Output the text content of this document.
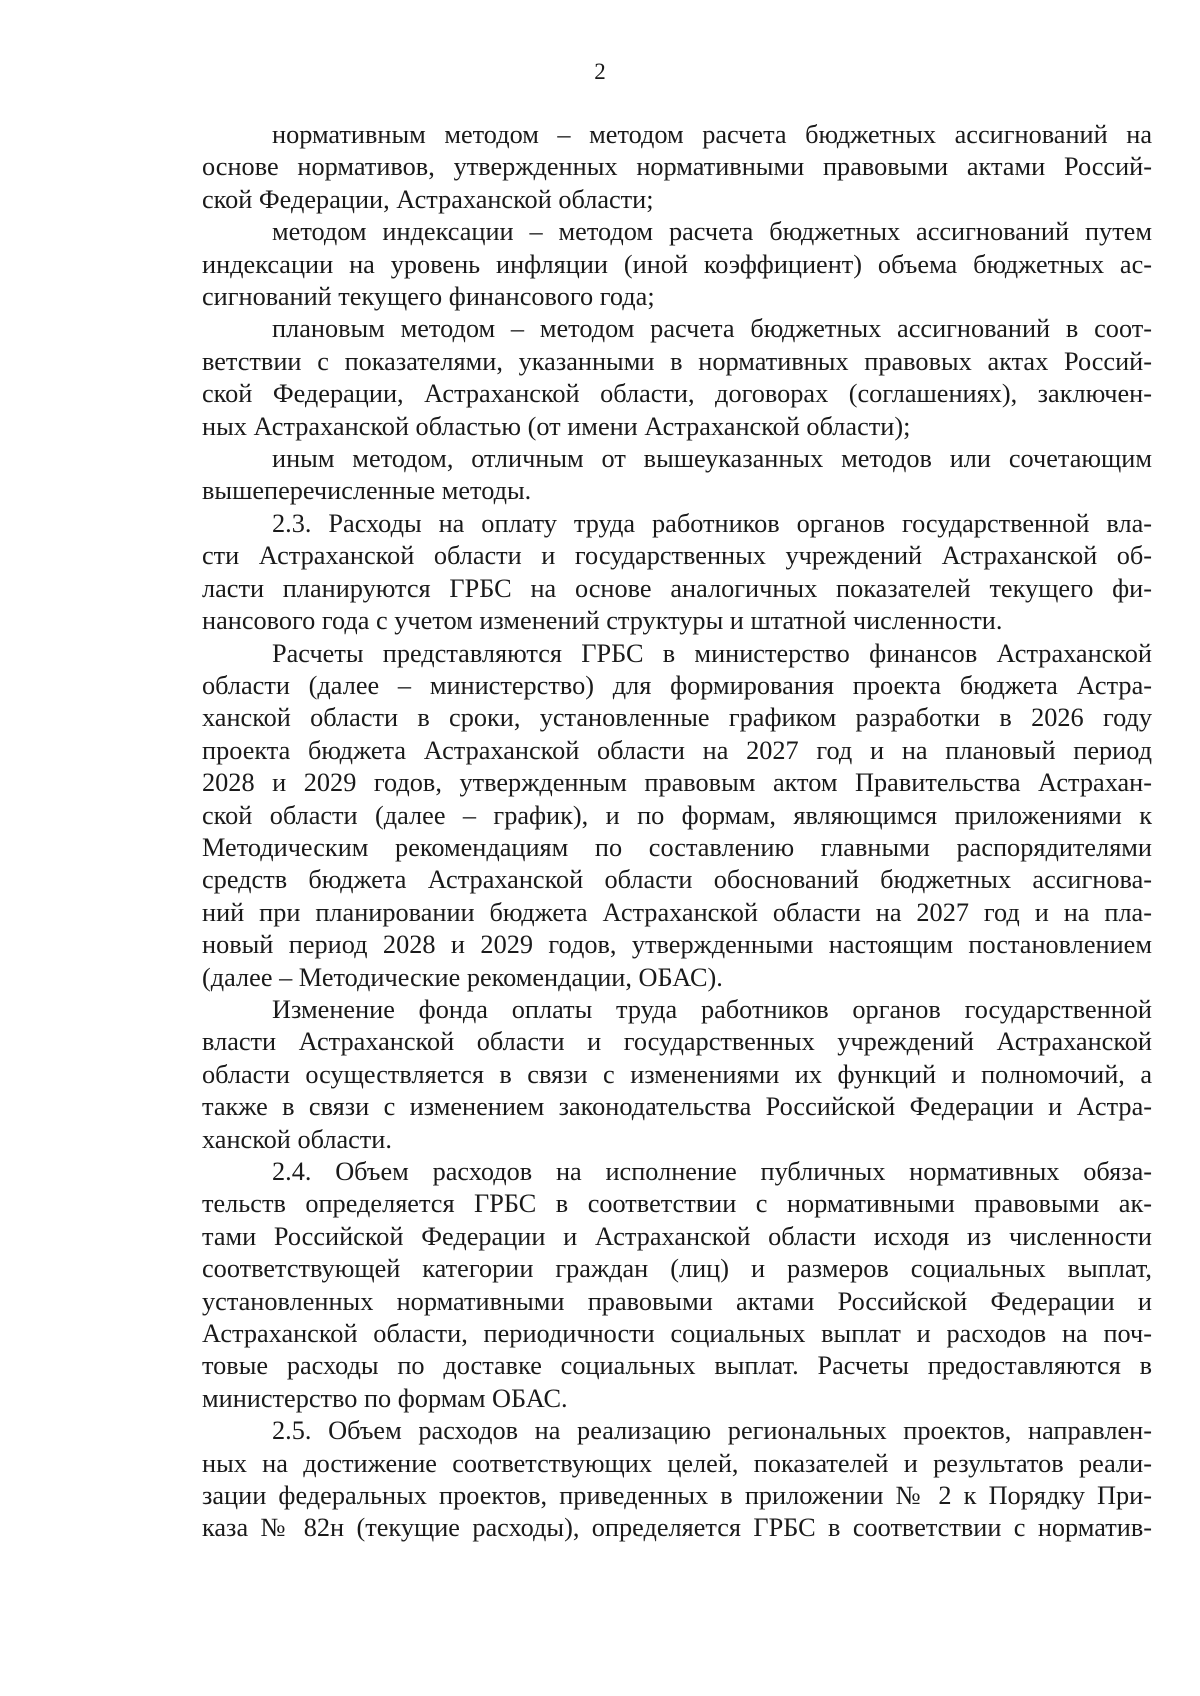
2

нормативным методом – методом расчета бюджетных ассигнований на
основе нормативов, утвержденных нормативными правовыми актами Россий-
ской Федерации, Астраханской области;

методом индексации – методом расчета бюджетных ассигнований путем
индексации на уровень инфляции (иной коэффициент) объема бюджетных ас-
сигнований текущего финансового года;

плановым методом – методом расчета бюджетных ассигнований в соот-
ветствии с показателями, указанными в нормативных правовых актах Россий-
ской Федерации, Астраханской области, договорах (соглашениях), заключен-
ных Астраханской областью (от имени Астраханской области);

иным методом, отличным от вышеуказанных методов или сочетающим
вышеперечисленные методы.

2.3. Расходы на оплату труда работников органов государственной вла-
сти Астраханской области и государственных учреждений Астраханской об-
ласти планируются ГРБС на основе аналогичных показателей текущего фи-
нансового года с учетом изменений структуры и штатной численности.

Расчеты представляются ГРБС в министерство финансов Астраханской
области (далее – министерство) для формирования проекта бюджета Астра-
ханской области в сроки, установленные графиком разработки в 2026 году
проекта бюджета Астраханской области на 2027 год и на плановый период
2028 и 2029 годов, утвержденным правовым актом Правительства Астрахан-
ской области (далее – график), и по формам, являющимся приложениями к
Методическим рекомендациям по составлению главными распорядителями
средств бюджета Астраханской области обоснований бюджетных ассигнова-
ний при планировании бюджета Астраханской области на 2027 год и на пла-
новый период 2028 и 2029 годов, утвержденными настоящим постановлением
(далее – Методические рекомендации, ОБАС).

Изменение фонда оплаты труда работников органов государственной
власти Астраханской области и государственных учреждений Астраханской
области осуществляется в связи с изменениями их функций и полномочий, а
также в связи с изменением законодательства Российской Федерации и Астра-
ханской области.

2.4. Объем расходов на исполнение публичных нормативных обяза-
тельств определяется ГРБС в соответствии с нормативными правовыми ак-
тами Российской Федерации и Астраханской области исходя из численности
соответствующей категории граждан (лиц) и размеров социальных выплат,
установленных нормативными правовыми актами Российской Федерации и
Астраханской области, периодичности социальных выплат и расходов на поч-
товые расходы по доставке социальных выплат. Расчеты предоставляются в
министерство по формам ОБАС.

2.5. Объем расходов на реализацию региональных проектов, направлен-
ных на достижение соответствующих целей, показателей и результатов реали-
зации федеральных проектов, приведенных в приложении № 2 к Порядку При-
каза № 82н (текущие расходы), определяется ГРБС в соответствии с норматив-
